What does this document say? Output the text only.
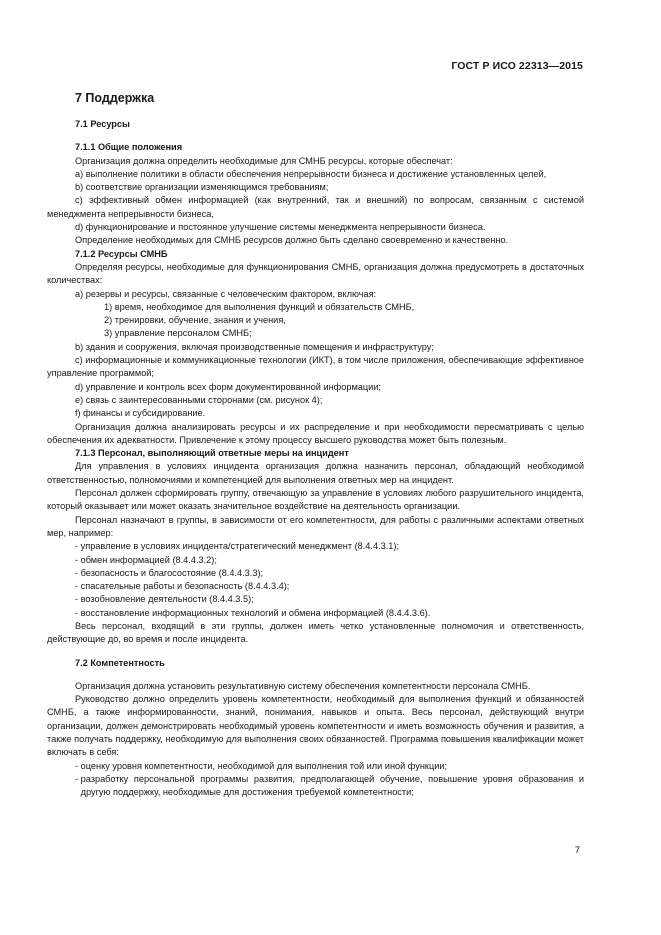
ГОСТ Р ИСО 22313—2015
7 Поддержка
7.1 Ресурсы
7.1.1 Общие положения

Организация должна определить необходимые для СМНБ ресурсы, которые обеспечат:

a) выполнение политики в области обеспечения непрерывности бизнеса и достижение установленных целей,
b) соответствие организации изменяющимся требованиям;
c) эффективный обмен информацией (как внутренний, так и внешний) по вопросам, связанным с системой менеджмента непрерывности бизнеса,
d) функционирование и постоянное улучшение системы менеджмента непрерывности бизнеса.

Определение необходимых для СМНБ ресурсов должно быть сделано своевременно и качественно.

7.1.2 Ресурсы СМНБ

Определяя ресурсы, необходимые для функционирования СМНБ, организация должна предусмотреть в достаточных количествах:

a) резервы и ресурсы, связанные с человеческим фактором, включая:

1) время, необходимое для выполнения функций и обязательств СМНБ,
2) тренировки, обучение, знания и учения,
3) управление персоналом СМНБ;

b) здания и сооружения, включая производственные помещения и инфраструктуру;

c) информационные и коммуникационные технологии (ИКТ), в том числе приложения, обеспечивающие эффективное управление программой;

d) управление и контроль всех форм документированной информации;

e) связь с заинтересованными сторонами (см. рисунок 4);

f) финансы и субсидирование.

Организация должна анализировать ресурсы и их распределение и при необходимости пересматривать с целью обеспечения их адекватности. Привлечение к этому процессу высшего руководства может быть полезным.

7.1.3 Персонал, выполняющий ответные меры на инцидент

Для управления в условиях инцидента организация должна назначить персонал, обладающий необходимой ответственностью, полномочиями и компетенцией для выполнения ответных мер на инцидент.

Персонал должен сформировать группу, отвечающую за управление в условиях любого разрушительного инцидента, который оказывает или может оказать значительное воздействие на деятельность организации.

Персонал назначают в группы, в зависимости от его компетентности, для работы с различными аспектами ответных мер, например:

- управление в условиях инцидента/стратегический менеджмент (8.4.4.3.1);
- обмен информацией (8.4.4.3.2);
- безопасность и благосостояние (8.4.4.3.3);
- спасательные работы и безопасность (8.4.4.3.4);
- возобновление деятельности (8.4.4.3.5);
- восстановление информационных технологий и обмена информацией (8.4.4.3.6).

Весь персонал, входящий в эти группы, должен иметь четко установленные полномочия и ответственность, действующие до, во время и после инцидента.

7.2 Компетентность

Организация должна установить результативную систему обеспечения компетентности персонала СМНБ.

Руководство должно определить уровень компетентности, необходимый для выполнения функций и обязанностей СМНБ, а также информированности, знаний, понимания, навыков и опыта. Весь персонал, действующий внутри организации, должен демонстрировать необходимый уровень компетентности и иметь возможность обучения и развития, а также получать поддержку, необходимую для выполнения своих обязанностей. Программа повышения квалификации может включать в себя:

- оценку уровня компетентности, необходимой для выполнения той или иной функции;
- разработку персональной программы развития, предполагающей обучение, повышение уровня образования и другую поддержку, необходимые для достижения требуемой компетентности;
7
